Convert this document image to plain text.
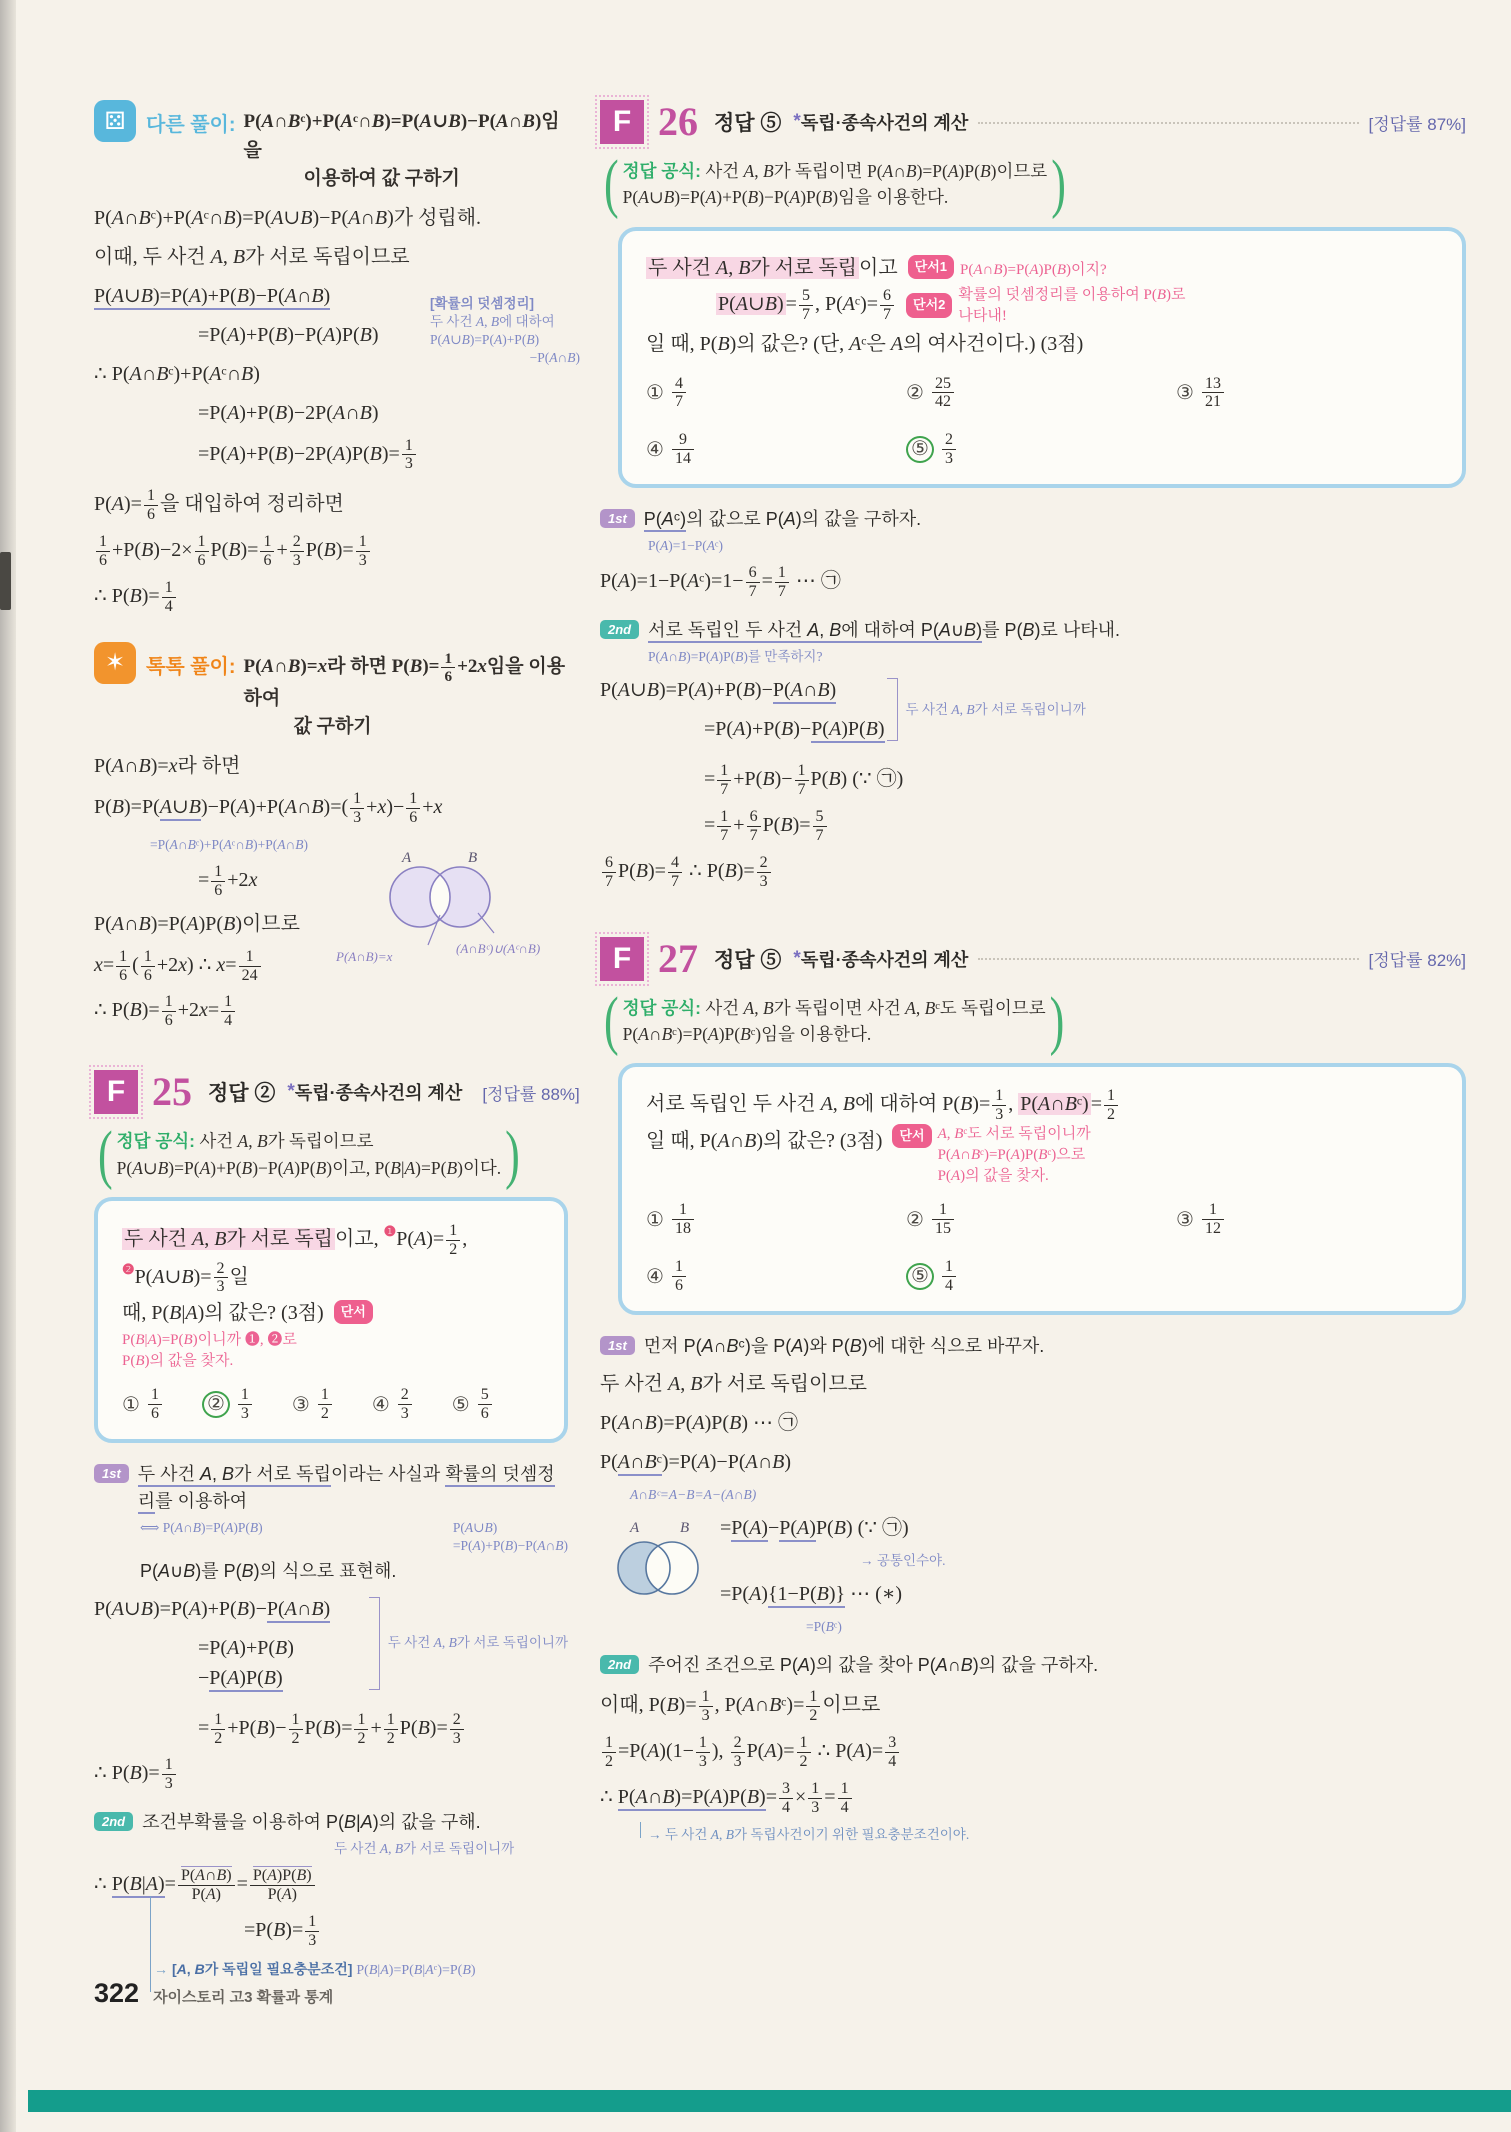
⚄	다른 풀이: P(A∩Bᶜ)+P(Aᶜ∩B)=P(A∪B)−P(A∩B)임을
이용하여 값 구하기
P(A∩Bᶜ)+P(Aᶜ∩B)=P(A∪B)−P(A∩B)가 성립해.
이때, 두 사건 A, B가 서로 독립이므로
P(A∪B)=P(A)+P(B)−P(A∩B)	[확률의 덧셈정리]
두 사건 A, B에 대하여
P(A∪B)=P(A)+P(B)
−P(A∩B)
=P(A)+P(B)−P(A)P(B)
∴ P(A∩Bᶜ)+P(Aᶜ∩B)
=P(A)+P(B)−2P(A∩B)
$=P(A)+P(B)-2P(A)P(B)= \frac{1}{3}$
$P(A)= \frac{1}{6}$ 을 대입하여 정리하면
$\frac{1}{6} +P(B)-2\times \frac{1}{6} P(B)= \frac{1}{6} + \frac{2}{3} P(B)= \frac{1}{3}$
∴ $P(B)= \frac{1}{4}$
✶	톡톡 풀이: P(A∩B)=x라 하면 $P(B)= \frac{1}{6} +2x$임을 이용하여
값 구하기
P(A∩B)=x라 하면
P(B)=P(A∪B)−P(A)+P(A∩B)=( $\frac{1}{3} +x)- \frac{1}{6} +x$
=P(A∩Bᶜ)+P(Aᶜ∩B)+P(A∩B)
= $\frac{1}{6} +2x$
A	B
P(A∩B)=x
(A∩Bᶜ)∪(Aᶜ∩B)
P(A∩B)=P(A)P(B)이므로
$x= \frac{1}{6}$ ( $\frac{1}{6} +2x$) ∴ $x= \frac{1}{24}$
∴ $P(B)= \frac{1}{6} +2x= \frac{1}{4}$
F 25 정답 ② * 독립·종속사건의 계산 [정답률 88%]
( 정답 공식: 사건 A, B가 독립이므로
P(A∪B)=P(A)+P(B)−P(A)P(B)이고, P(B|A)=P(B)이다. )
두 사건 A, B가 서로 독립 이고, $^❶P(A)= \frac{1}{2}$ , $^❷$P(A∪B)= $\frac{2}{3}$ 일
때, P(B|A)의 값은? (3점) 단서
P(B|A)=P(B)이니까 ❶, ❷로
P(B)의 값을 찾자.
① $\frac{1}{6}$ ② $\frac{1}{3}$ ③ $\frac{1}{2}$ ④ $\frac{2}{3}$ ⑤ $\frac{5}{6}$
1st 두 사건 A, B가 서로 독립이라는 사실과 확률의 덧셈정리를 이용하여
⟺ P(A∩B)=P(A)P(B)	P(A∪B)
=P(A)+P(B)−P(A∩B)
P(A∪B)를 P(B)의 식으로 표현해.
P(A∪B)=P(A)+P(B)−P(A∩B)
=P(A)+P(B)−P(A)P(B)
두 사건 A, B가 서로 독립이니까
= $\frac{1}{2} +P(B)- \frac{1}{2} P(B)= \frac{1}{2} + \frac{1}{2} P(B)= \frac{2}{3}$
∴ $P(B)= \frac{1}{3}$
2nd 조건부확률을 이용하여 P(B|A)의 값을 구해.
두 사건 A, B가 서로 독립이니까
∴ $P(B|A)= \frac{P(A\cap B)}{P(A)} = \frac{P(A)P(B)}{P(A)}$
$=P(B)= \frac{1}{3}$
→ [A, B가 독립일 필요충분조건] P(B|A)=P(B|Aᶜ)=P(B)
F 26 정답 ⑤ * 독립·종속사건의 계산	[정답률 87%]
( 정답 공식: 사건 A, B가 독립이면 P(A∩B)=P(A)P(B)이므로
P(A∪B)=P(A)+P(B)−P(A)P(B)임을 이용한다.	)
두 사건 A, B가 서로 독립 이고 단서1 P(A∩B)=P(A)P(B)이지?
P(A∪B) = $\frac{5}{7}$ , P(Aᶜ)= $\frac{6}{7}$	단서2
확률의 덧셈정리를 이용하여 P(B)로
나타내!
일 때, P(B)의 값은? (단, Aᶜ은 A의 여사건이다.) (3점)
① $\frac{4}{7}$	② $\frac{25}{42}$	③ $\frac{13}{21}$
④ $\frac{9}{14}$	⑤ $\frac{2}{3}$
1st P(Aᶜ)의 값으로 P(A)의 값을 구하자.
P(A)=1−P(Aᶜ)
P(A)=1−P(Aᶜ)=1− $\frac{6}{7} = \frac{1}{7}$ ⋯ ㉠
2nd 서로 독립인 두 사건 A, B에 대하여 P(A∪B)를 P(B)로 나타내.
P(A∩B)=P(A)P(B)를 만족하지?
P(A∪B)=P(A)+P(B)−P(A∩B)
=P(A)+P(B)−P(A)P(B)
두 사건 A, B가 서로 독립이니까
= $\frac{1}{7} +P(B)- \frac{1}{7} P(B)$ (∵ ㉠)
= $\frac{1}{7} + \frac{6}{7} P(B)= \frac{5}{7}$
$\frac{6}{7} P(B)= \frac{4}{7}$ ∴ $P(B)= \frac{2}{3}$
F 27 정답 ⑤ * 독립·종속사건의 계산	[정답률 82%]
( 정답 공식: 사건 A, B가 독립이면 사건 A, Bᶜ도 독립이므로
P(A∩Bᶜ)=P(A)P(Bᶜ)임을 이용한다.	)
서로 독립인 두 사건 A, B에 대하여 $P(B)= \frac{1}{3}$ , P(A∩Bᶜ) = $\frac{1}{2}$
일 때, P(A∩B)의 값은? (3점)	단서 A, Bᶜ도 서로 독립이니까
P(A∩Bᶜ)=P(A)P(Bᶜ)으로
P(A)의 값을 찾자.
① $\frac{1}{18}$	② $\frac{1}{15}$	③ $\frac{1}{12}$
④ $\frac{1}{6}$	⑤ $\frac{1}{4}$
1st 먼저 P(A∩Bᶜ)을 P(A)와 P(B)에 대한 식으로 바꾸자.
두 사건 A, B가 서로 독립이므로
P(A∩B)=P(A)P(B) ⋯ ㉠
P(A∩Bᶜ)=P(A)−P(A∩B)
A∩Bᶜ=A−B=A−(A∩B)
A	B =P(A)−P(A)P(B) (∵ ㉠)
→ 공통인수야.
=P(A){1−P(B)} ⋯ (∗)
=P(Bᶜ)
2nd 주어진 조건으로 P(A)의 값을 찾아 P(A∩B)의 값을 구하자.
이때, $P(B)= \frac{1}{3}$ , P(A∩Bᶜ)= $\frac{1}{2}$ 이므로
$\frac{1}{2} =P(A)(1- \frac{1}{3}$ ), $\frac{2}{3} P(A)= \frac{1}{2}$ ∴ $P(A)= \frac{3}{4}$
∴ P(A∩B)=P(A)P(B)= $\frac{3}{4} \times \frac{1}{3} = \frac{1}{4}$
→ 두 사건 A, B가 독립사건이기 위한 필요충분조건이야.
322 자이스토리 고3 확률과 통계
